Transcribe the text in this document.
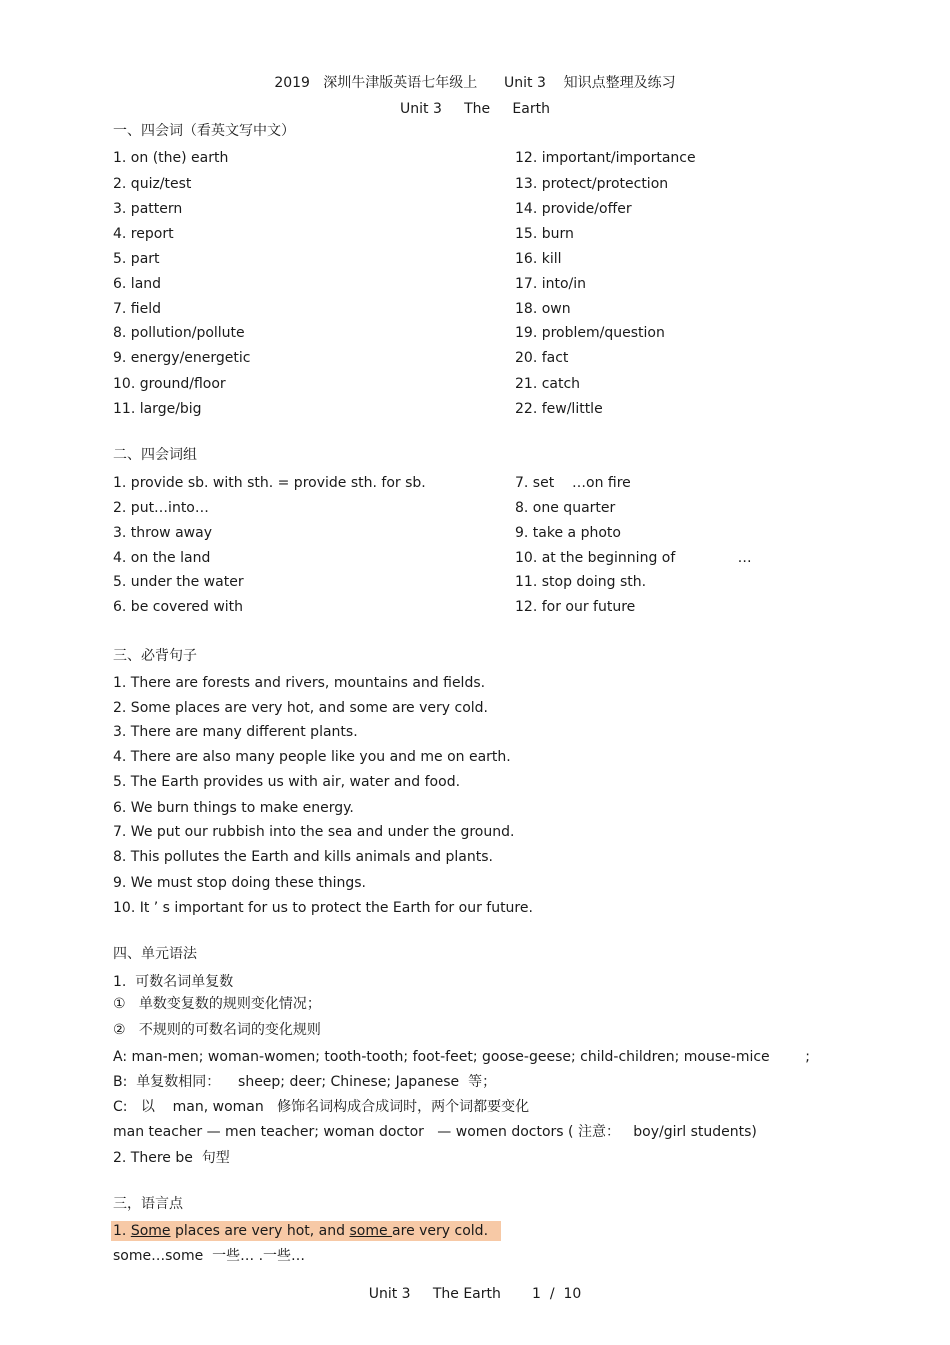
2019   深圳牛津版英语七年级上      Unit 3    知识点整理及练习
Unit 3     The     Earth
一、四会词（看英文写中文）
1. on (the) earth
2. quiz/test
3. pattern
4. report
5. part
6. land
7. field
8. pollution/pollute
9. energy/energetic
10. ground/floor
11. large/big
12. important/importance
13. protect/protection
14. provide/offer
15. burn
16. kill
17. into/in
18. own
19. problem/question
20. fact
21. catch
22. few/little
二、四会词组
1. provide sb. with sth. = provide sth. for sb.
2. put…into…
3. throw away
4. on the land
5. under the water
6. be covered with
7. set    …on fire
8. one quarter
9. take a photo
10. at the beginning of              …
11. stop doing sth.
12. for our future
三、必背句子
1. There are forests and rivers, mountains and fields.
2. Some places are very hot, and some are very cold.
3. There are many different plants.
4. There are also many people like you and me on earth.
5. The Earth provides us with air, water and food.
6. We burn things to make energy.
7. We put our rubbish into the sea and under the ground.
8. This pollutes the Earth and kills animals and plants.
9. We must stop doing these things.
10. It ’ s important for us to protect the Earth for our future.
四、单元语法
1.  可数名词单复数
①   单数变复数的规则变化情况；
②   不规则的可数名词的变化规则
A: man-men; woman-women; tooth-tooth; foot-feet; goose-geese; child-children; mouse-mice        ;
B:  单复数相同：    sheep; deer; Chinese; Japanese  等；
C:   以    man, woman   修饰名词构成合成词时，两个词都要变化
man teacher — men teacher; woman doctor   — women doctors ( 注意：   boy/girl students)
2. There be  句型
三，语言点
1. Some places are very hot, and some are very cold.
some…some  一些… .一些…
Unit 3     The Earth       1  /  10
